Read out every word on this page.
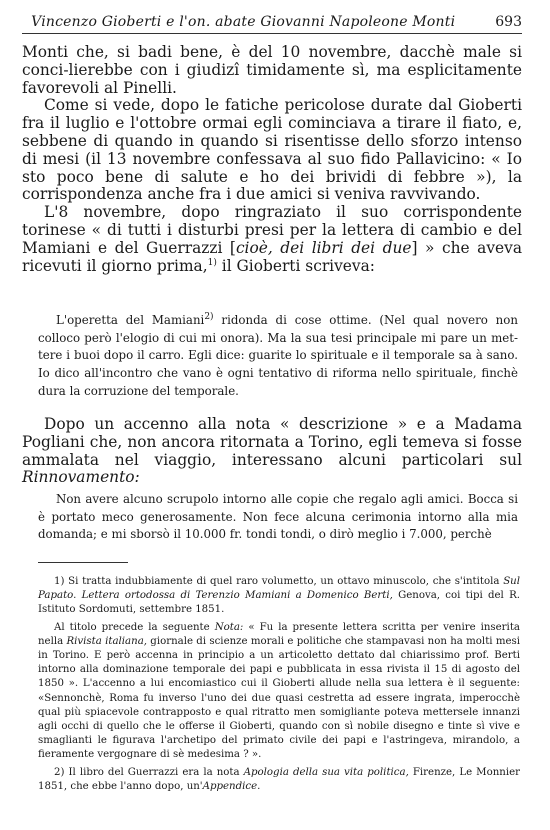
Vincenzo Gioberti e l'on. abate Giovanni Napoleone Monti	693

Monti che, si badi bene, è del 10 novembre, dacchè male si conci-lierebbe con i giudizî timidamente sì, ma esplicitamente favorevoli al Pinelli.

Come si vede, dopo le fatiche pericolose durate dal Gioberti fra il luglio e l'ottobre ormai egli cominciava a tirare il fiato, e, sebbene di quando in quando si risentisse dello sforzo intenso di mesi (il 13 novembre confessava al suo fido Pallavicino: « Io sto poco bene di salute e ho dei brividi di febbre »), la corrispondenza anche fra i due amici si veniva ravvivando.

L'8 novembre, dopo ringraziato il suo corrispondente torinese « di tutti i disturbi presi per la lettera di cambio e del Mamiani e del Guerrazzi [cioè, dei libri dei due] » che aveva ricevuti il giorno prima,$^{1)}$ il Gioberti scriveva:

L'operetta del Mamiani$^{2)}$ ridonda di cose ottime. (Nel qual novero non colloco però l'elogio di cui mi onora). Ma la sua tesi principale mi pare un met-tere i buoi dopo il carro. Egli dice: guarite lo spirituale e il temporale sa à sano. Io dico all'incontro che vano è ogni tentativo di riforma nello spirituale, finchè dura la corruzione del temporale.

Dopo un accenno alla nota « descrizione » e a Madama Pogliani che, non ancora ritornata a Torino, egli temeva si fosse ammalata nel viaggio, interessano alcuni particolari sul Rinnovamento:

Non avere alcuno scrupolo intorno alle copie che regalo agli amici. Bocca si è portato meco generosamente. Non fece alcuna cerimonia intorno alla mia domanda; e mi sborsò il 10.000 fr. tondi tondi, o dirò meglio i 7.000, perchè

1) Si tratta indubbiamente di quel raro volumetto, un ottavo minuscolo, che s'intitola Sul Papato. Lettera ortodossa di Terenzio Mamiani a Domenico Berti, Genova, coi tipi del R. Istituto Sordomuti, settembre 1851.

Al titolo precede la seguente Nota: « Fu la presente lettera scritta per venire inserita nella Rivista italiana, giornale di scienze morali e politiche che stampavasi non ha molti mesi in Torino. E però accenna in principio a un articoletto dettato dal chiarissimo prof. Berti intorno alla dominazione temporale dei papi e pubblicata in essa rivista il 15 di agosto del 1850 ». L'accenno a lui encomiastico cui il Gioberti allude nella sua lettera è il seguente: «Sennonchè, Roma fu inverso l'uno dei due quasi cestretta ad essere ingrata, imperocchè qual più spiacevole contrapposto e qual ritratto men somigliante poteva mettersele innanzi agli occhi di quello che le offerse il Gioberti, quando con sì nobile disegno e tinte sì vive e smaglianti le figurava l'archetipo del primato civile dei papi e l'astringeva, mirandolo, a fieramente vergognare di sè medesima ? ».

2) Il libro del Guerrazzi era la nota Apologia della sua vita politica, Firenze, Le Monnier 1851, che ebbe l'anno dopo, un'Appendice.
